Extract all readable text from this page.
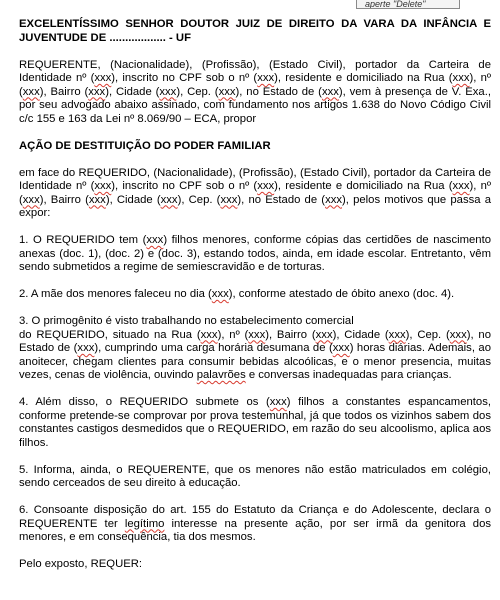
aperte "Delete"

EXCELENTÍSSIMO SENHOR DOUTOR JUIZ DE DIREITO DA VARA DA INFÂNCIA E JUVENTUDE DE .................. - UF

REQUERENTE, (Nacionalidade), (Profissão), (Estado Civil), portador da Carteira de Identidade nº (xxx), inscrito no CPF sob o nº (xxx), residente e domiciliado na Rua (xxx), nº (xxx), Bairro (xxx), Cidade (xxx), Cep. (xxx), no Estado de (xxx), vem à presença de V. Exa., por seu advogado abaixo assinado, com fundamento nos artigos 1.638 do Novo Código Civil c/c 155 e 163 da Lei nº 8.069/90 – ECA, propor

AÇÃO DE DESTITUIÇÃO DO PODER FAMILIAR

em face do REQUERIDO, (Nacionalidade), (Profissão), (Estado Civil), portador da Carteira de Identidade nº (xxx), inscrito no CPF sob o nº (xxx), residente e domiciliado na Rua (xxx), nº (xxx), Bairro (xxx), Cidade (xxx), Cep. (xxx), no Estado de (xxx), pelos motivos que passa a expor:

1. O REQUERIDO tem (xxx) filhos menores, conforme cópias das certidões de nascimento anexas (doc. 1), (doc. 2) e (doc. 3), estando todos, ainda, em idade escolar. Entretanto, vêm sendo submetidos a regime de semiescravidão e de torturas.

2. A mãe dos menores faleceu no dia (xxx), conforme atestado de óbito anexo (doc. 4).

3. O primogênito é visto trabalhando no estabelecimento comercial

do REQUERIDO, situado na Rua (xxx), nº (xxx), Bairro (xxx), Cidade (xxx), Cep. (xxx), no Estado de (xxx), cumprindo uma carga horária desumana de (xxx) horas diárias. Ademais, ao anoitecer, chegam clientes para consumir bebidas alcoólicas, e o menor presencia, muitas vezes, cenas de violência, ouvindo palavrões e conversas inadequadas para crianças.

4. Além disso, o REQUERIDO submete os (xxx) filhos a constantes espancamentos, conforme pretende-se comprovar por prova testemunhal, já que todos os vizinhos sabem dos constantes castigos desmedidos que o REQUERIDO, em razão do seu alcoolismo, aplica aos filhos.

5. Informa, ainda, o REQUERENTE, que os menores não estão matriculados em colégio, sendo cerceados de seu direito à educação.

6. Consoante disposição do art. 155 do Estatuto da Criança e do Adolescente, declara o REQUERENTE ter legítimo interesse na presente ação, por ser irmã da genitora dos menores, e em consequência, tia dos mesmos.

Pelo exposto, REQUER:
